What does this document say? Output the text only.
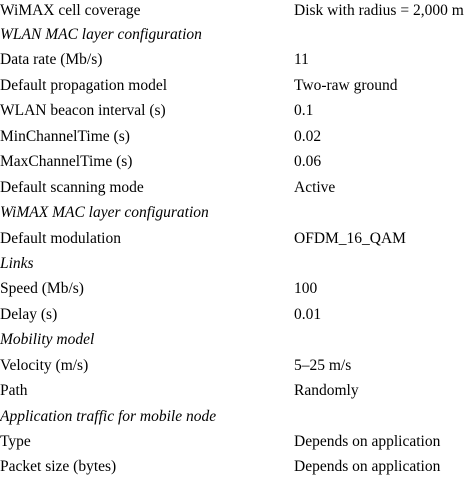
WiMAX cell coverage	Disk with radius = 2,000 m
WLAN MAC layer configuration
Data rate (Mb/s)	11
Default propagation model	Two-raw ground
WLAN beacon interval (s)	0.1
MinChannelTime (s)	0.02
MaxChannelTime (s)	0.06
Default scanning mode	Active
WiMAX MAC layer configuration
Default modulation	OFDM_16_QAM
Links
Speed (Mb/s)	100
Delay (s)	0.01
Mobility model
Velocity (m/s)	5–25 m/s
Path	Randomly
Application traffic for mobile node
Type	Depends on application
Packet size (bytes)	Depends on application
